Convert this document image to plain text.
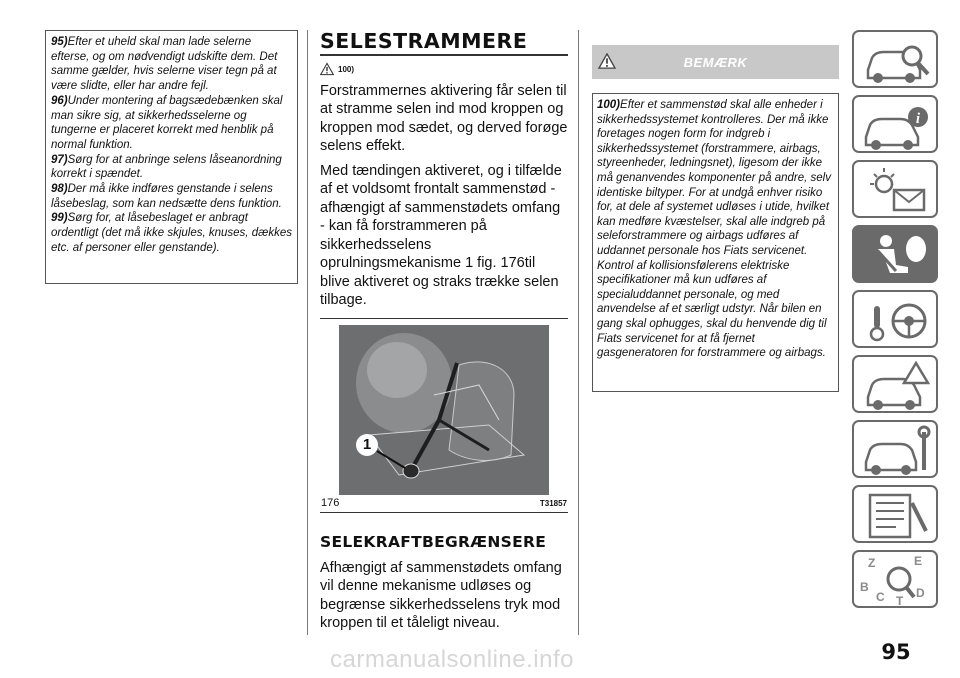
95)Efter et uheld skal man lade selerne efterse, og om nødvendigt udskifte dem. Det samme gælder, hvis selerne viser tegn på at være slidte, eller har andre fejl.

96)Under montering af bagsædebænken skal man sikre sig, at sikkerhedsselerne og tungerne er placeret korrekt med henblik på normal funktion.

97)Sørg for at anbringe selens låseanordning korrekt i spændet.

98)Der må ikke indføres genstande i selens låsebeslag, som kan nedsætte dens funktion.

99)Sørg for, at låsebeslaget er anbragt ordentligt (det må ikke skjules, knuses, dækkes etc. af personer eller genstande).

SELESTRAMMERE
100)

Forstrammernes aktivering får selen til at stramme selen ind mod kroppen og kroppen mod sædet, og derved forøge selens effekt.

Med tændingen aktiveret, og i tilfælde af et voldsomt frontalt sammenstød - afhængigt af sammenstødets omfang - kan få forstrammeren på sikkerhedsselens oprulningsmekanisme 1 fig. 176til blive aktiveret og straks trække selen tilbage.

1
176	T31857
SELEKRAFTBEGRÆNSERE

Afhængigt af sammenstødets omfang vil denne mekanisme udløses og begrænse sikkerhedsselens tryk mod kroppen til et tåleligt niveau.

BEMÆRK
100)Efter et sammenstød skal alle enheder i sikkerhedssystemet kontrolleres. Der må ikke foretages nogen form for indgreb i sikkerhedssystemet (forstrammere, airbags, styreenheder, ledningsnet), ligesom der ikke må genanvendes komponenter på andre, selv identiske biltyper. For at undgå enhver risiko for, at dele af systemet udløses i utide, hvilket kan medføre kvæstelser, skal alle indgreb på seleforstrammere og airbags udføres af uddannet personale hos Fiats servicenet. Kontrol af kollisionsfølerens elektriske specifikationer må kun udføres af specialuddannet personale, og med anvendelse af et særligt udstyr. Når bilen en gang skal ophugges, skal du henvende dig til Fiats servicenet for at få fjernet gasgeneratoren for forstrammere og airbags.
i
Z	E
B
C	D
T
95
carmanualsonline.info
